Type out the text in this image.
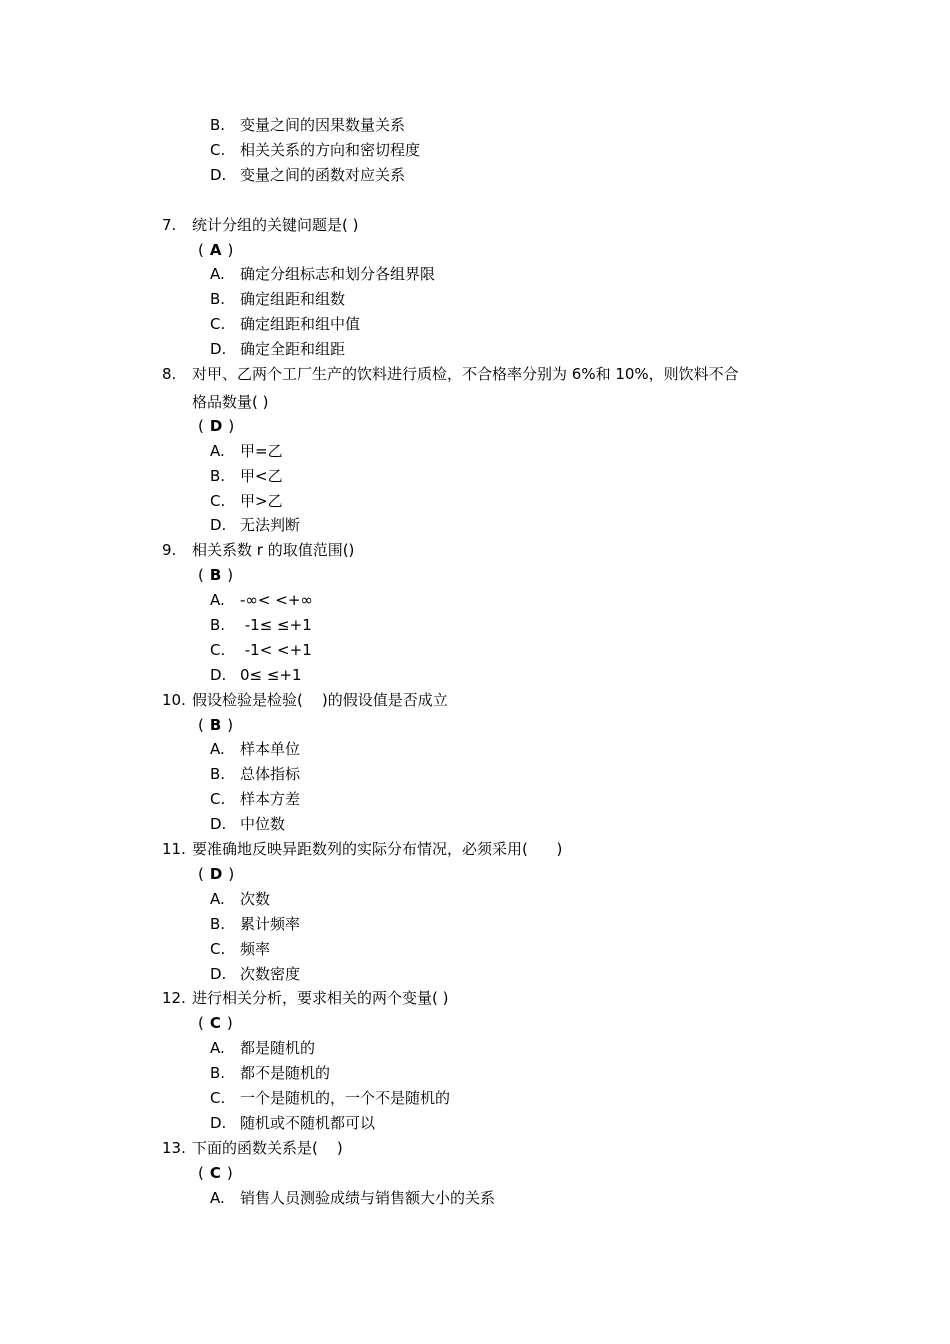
B. 变量之间的因果数量关系
C. 相关关系的方向和密切程度
D. 变量之间的函数对应关系
7. 统计分组的关键问题是( )
( A )
A. 确定分组标志和划分各组界限
B. 确定组距和组数
C. 确定组距和组中值
D. 确定全距和组距
8. 对甲、乙两个工厂生产的饮料进行质检，不合格率分别为 6%和 10%，则饮料不合
格品数量( )
( D )
A. 甲=乙
B. 甲<乙
C. 甲>乙
D. 无法判断
9. 相关系数 r 的取值范围()
( B )
A. -∞< <+∞
B. -1≤ ≤+1
C. -1< <+1
D. 0≤ ≤+1
10. 假设检验是检验(    )的假设值是否成立
( B )
A. 样本单位
B. 总体指标
C. 样本方差
D. 中位数
11. 要准确地反映异距数列的实际分布情况，必须采用(      )
( D )
A. 次数
B. 累计频率
C. 频率
D. 次数密度
12. 进行相关分析，要求相关的两个变量( )
( C )
A. 都是随机的
B. 都不是随机的
C. 一个是随机的，一个不是随机的
D. 随机或不随机都可以
13. 下面的函数关系是(    )
( C )
A. 销售人员测验成绩与销售额大小的关系
